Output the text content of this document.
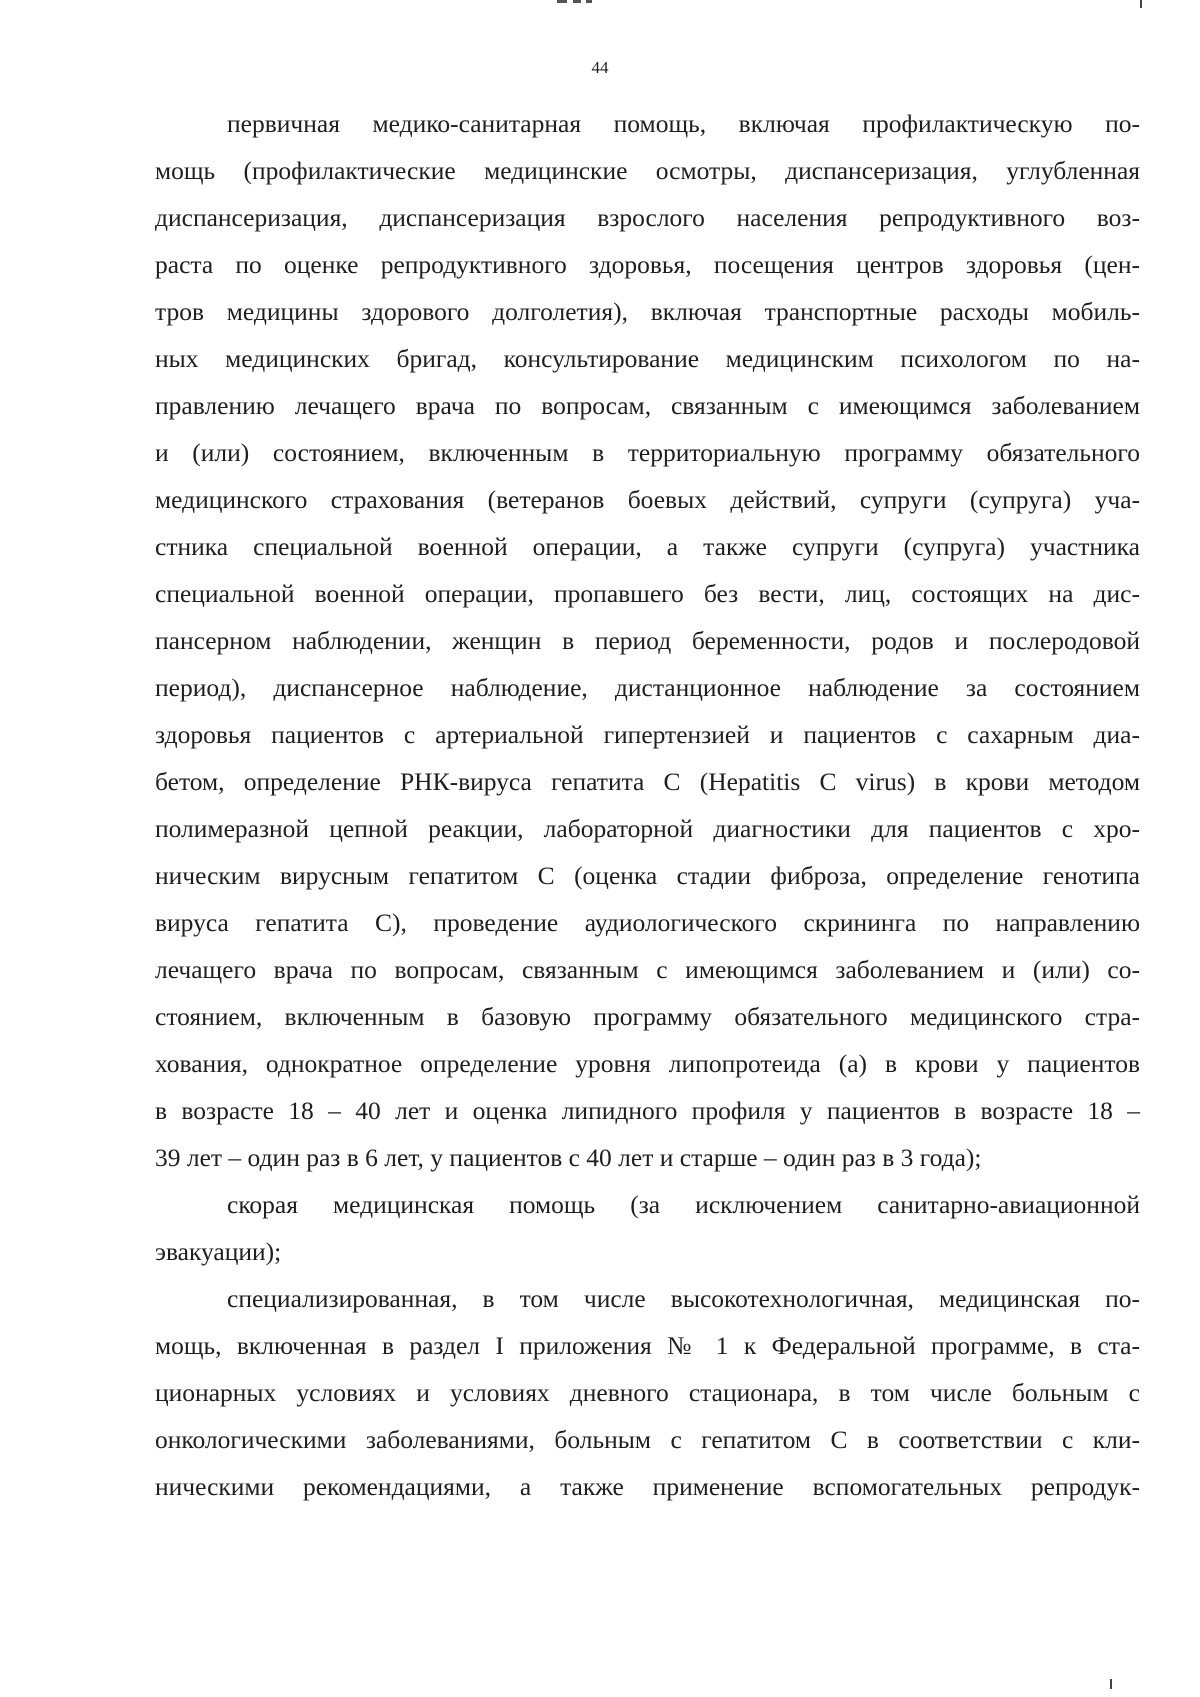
44
первичная медико-санитарная помощь, включая профилактическую по-
мощь (профилактические медицинские осмотры, диспансеризация, углубленная
диспансеризация, диспансеризация взрослого населения репродуктивного воз-
раста по оценке репродуктивного здоровья, посещения центров здоровья (цен-
тров медицины здорового долголетия), включая транспортные расходы мобиль-
ных медицинских бригад, консультирование медицинским психологом по на-
правлению лечащего врача по вопросам, связанным с имеющимся заболеванием
и (или) состоянием, включенным в территориальную программу обязательного
медицинского страхования (ветеранов боевых действий, супруги (супруга) уча-
стника специальной военной операции, а также супруги (супруга) участника
специальной военной операции, пропавшего без вести, лиц, состоящих на дис-
пансерном наблюдении, женщин в период беременности, родов и послеродовой
период), диспансерное наблюдение, дистанционное наблюдение за состоянием
здоровья пациентов с артериальной гипертензией и пациентов с сахарным диа-
бетом, определение РНК-вируса гепатита С (Hepatitis С virus) в крови методом
полимеразной цепной реакции, лабораторной диагностики для пациентов с хро-
ническим вирусным гепатитом С (оценка стадии фиброза, определение генотипа
вируса гепатита С), проведение аудиологического скрининга по направлению
лечащего врача по вопросам, связанным с имеющимся заболеванием и (или) со-
стоянием, включенным в базовую программу обязательного медицинского стра-
хования, однократное определение уровня липопротеида (а) в крови у пациентов
в возрасте 18 – 40 лет и оценка липидного профиля у пациентов в возрасте 18 –
39 лет – один раз в 6 лет, у пациентов с 40 лет и старше – один раз в 3 года);
скорая медицинская помощь (за исключением санитарно-авиационной
эвакуации);
специализированная, в том числе высокотехнологичная, медицинская по-
мощь, включенная в раздел I приложения № 1 к Федеральной программе, в ста-
ционарных условиях и условиях дневного стационара, в том числе больным с
онкологическими заболеваниями, больным с гепатитом С в соответствии с кли-
ническими рекомендациями, а также применение вспомогательных репродук-
